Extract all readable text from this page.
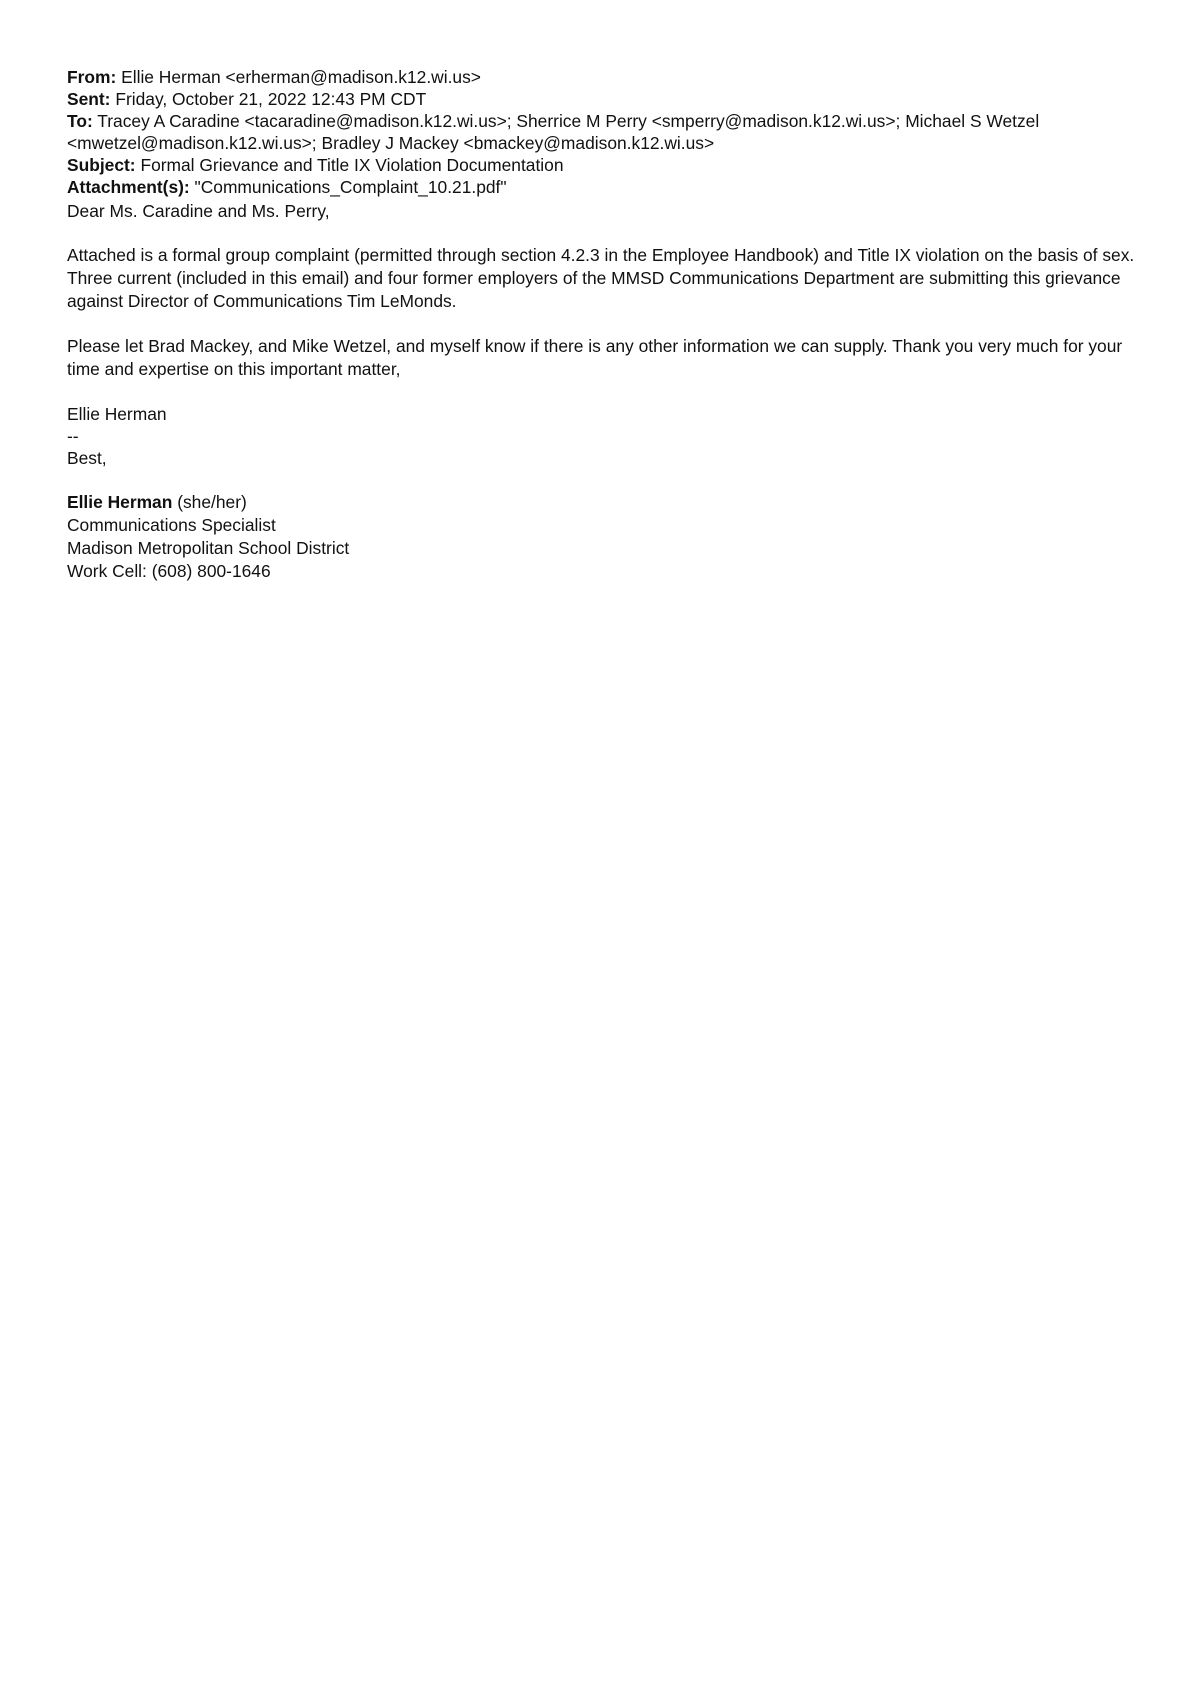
From: Ellie Herman <erherman@madison.k12.wi.us>

Sent: Friday, October 21, 2022 12:43 PM CDT

To: Tracey A Caradine <tacaradine@madison.k12.wi.us>; Sherrice M Perry <smperry@madison.k12.wi.us>; Michael S Wetzel <mwetzel@madison.k12.wi.us>; Bradley J Mackey <bmackey@madison.k12.wi.us>

Subject: Formal Grievance and Title IX Violation Documentation

Attachment(s): "Communications_Complaint_10.21.pdf"

Dear Ms. Caradine and Ms. Perry,

Attached is a formal group complaint (permitted through section 4.2.3 in the Employee Handbook) and Title IX violation on the basis of sex. Three current (included in this email) and four former employers of the MMSD Communications Department are submitting this grievance against Director of Communications Tim LeMonds.

Please let Brad Mackey, and Mike Wetzel, and myself know if there is any other information we can supply. Thank you very much for your time and expertise on this important matter,

Ellie Herman
--
Best,
Ellie Herman (she/her)
Communications Specialist
Madison Metropolitan School District
Work Cell: (608) 800-1646
